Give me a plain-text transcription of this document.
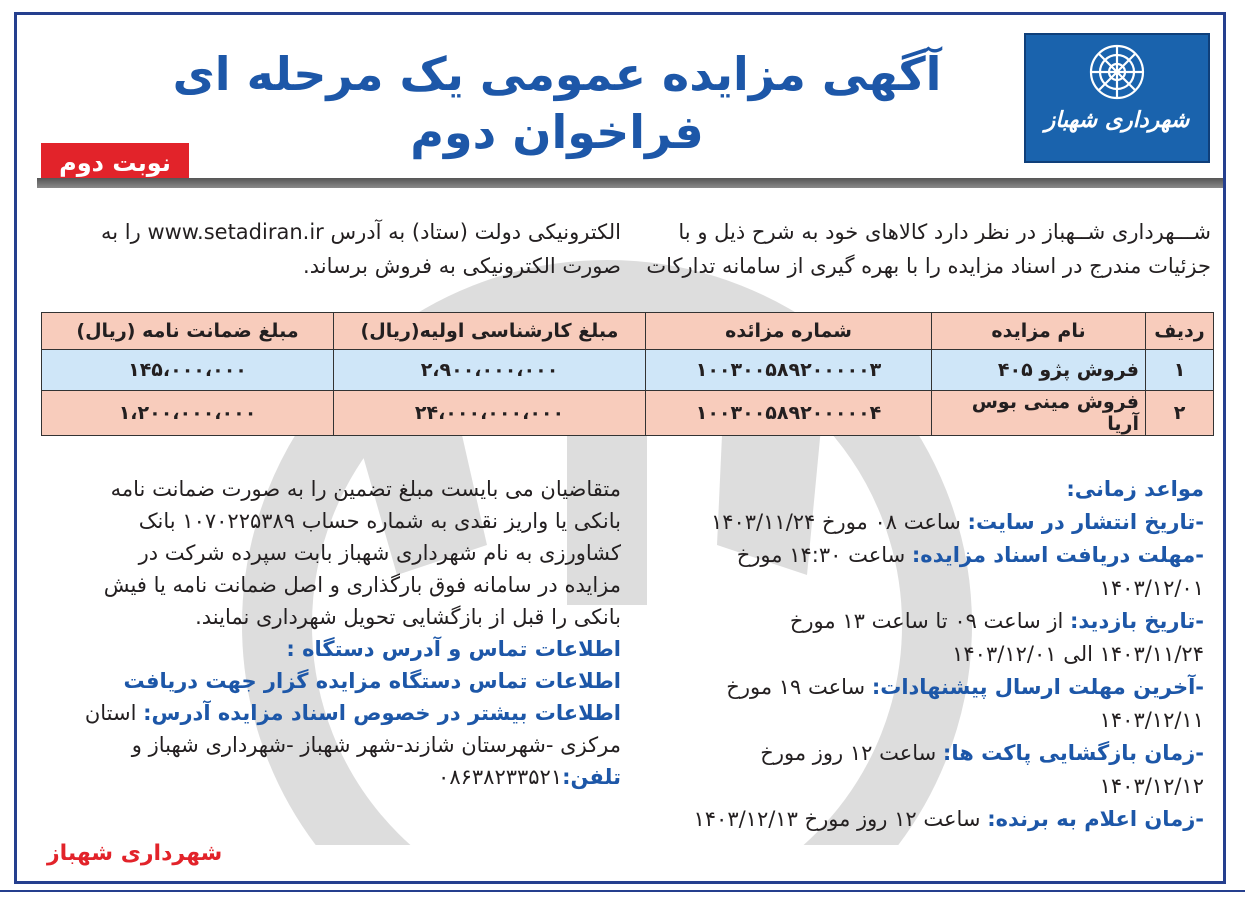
شهرداری شهباز
آگهی مزایده عمومی یک مرحله ای
فراخوان دوم
نوبت دوم
شـــهرداری شــهباز در نظر دارد کالاهای خود به شرح ذیل و با
جزئیات مندرج در اسناد مزایده را با بهره گیری از سامانه تدارکات
الکترونیکی دولت (ستاد) به آدرس www.setadiran.ir را به
صورت الکترونیکی به فروش برساند.
ردیف	نام مزایده	شماره مزائده	مبلغ کارشناسی اولیه(ریال)	مبلغ ضمانت نامه (ریال)
۱	فروش پژو ۴۰۵	۱۰۰۳۰۰۵۸۹۲۰۰۰۰۰۳	۲،۹۰۰،۰۰۰،۰۰۰	۱۴۵،۰۰۰،۰۰۰
۲	فروش مینی بوس آریا	۱۰۰۳۰۰۵۸۹۲۰۰۰۰۰۴	۲۴،۰۰۰،۰۰۰،۰۰۰	۱،۲۰۰،۰۰۰،۰۰۰
مواعد زمانی:
-تاریخ انتشار در سایت: ساعت ۰۸ مورخ ۱۴۰۳/۱۱/۲۴
-مهلت دریافت اسناد مزایده: ساعت ۱۴:۳۰ مورخ
۱۴۰۳/۱۲/۰۱
-تاریخ بازدید: از ساعت ۰۹ تا ساعت ۱۳ مورخ
۱۴۰۳/۱۱/۲۴ الی ۱۴۰۳/۱۲/۰۱
-آخرین مهلت ارسال پیشنهادات: ساعت ۱۹ مورخ
۱۴۰۳/۱۲/۱۱
-زمان بازگشایی پاکت ها: ساعت ۱۲ روز مورخ
۱۴۰۳/۱۲/۱۲
-زمان اعلام به برنده: ساعت ۱۲ روز مورخ ۱۴۰۳/۱۲/۱۳
متقاضیان می بایست مبلغ تضمین را به صورت ضمانت نامه
بانکی یا واریز نقدی به شماره حساب ۱۰۷۰۲۲۵۳۸۹ بانک
کشاورزی به نام شهرداری شهباز بابت سپرده شرکت در
مزایده در سامانه فوق بارگذاری و اصل ضمانت نامه یا فیش
بانکی را قبل از بازگشایی تحویل شهرداری نمایند.
اطلاعات تماس و آدرس دستگاه :
اطلاعات تماس دستگاه مزایده گزار جهت دریافت
اطلاعات بیشتر در خصوص اسناد مزایده آدرس: استان
مرکزی -شهرستان شازند-شهر شهباز -شهرداری شهباز و
تلفن:۰۸۶۳۸۲۳۳۵۲۱
شهرداری شهباز
